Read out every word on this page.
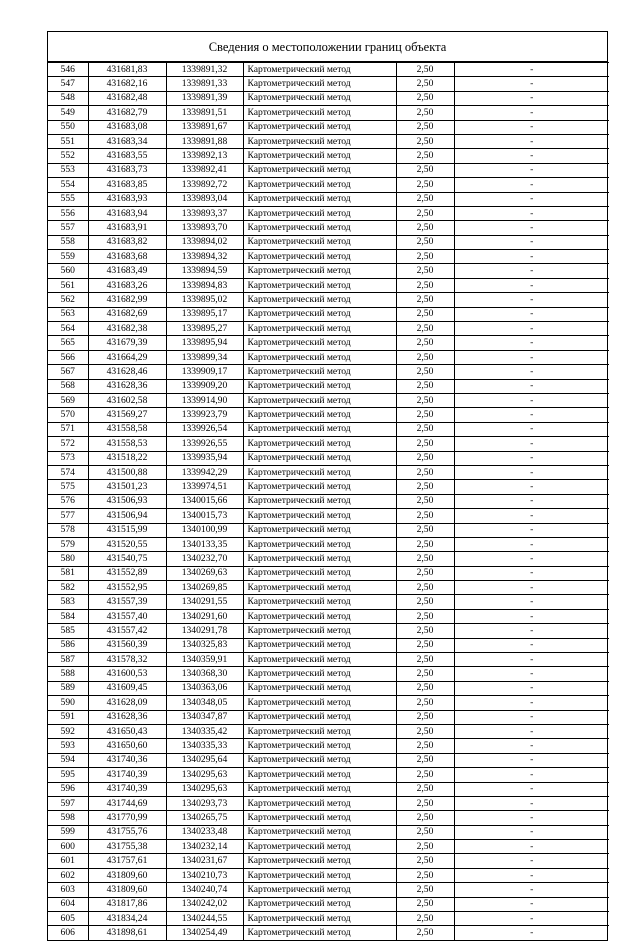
Сведения о местоположении границ объекта
546	431681,83	1339891,32	Картометрический метод	2,50	-
547	431682,16	1339891,33	Картометрический метод	2,50	-
548	431682,48	1339891,39	Картометрический метод	2,50	-
549	431682,79	1339891,51	Картометрический метод	2,50	-
550	431683,08	1339891,67	Картометрический метод	2,50	-
551	431683,34	1339891,88	Картометрический метод	2,50	-
552	431683,55	1339892,13	Картометрический метод	2,50	-
553	431683,73	1339892,41	Картометрический метод	2,50	-
554	431683,85	1339892,72	Картометрический метод	2,50	-
555	431683,93	1339893,04	Картометрический метод	2,50	-
556	431683,94	1339893,37	Картометрический метод	2,50	-
557	431683,91	1339893,70	Картометрический метод	2,50	-
558	431683,82	1339894,02	Картометрический метод	2,50	-
559	431683,68	1339894,32	Картометрический метод	2,50	-
560	431683,49	1339894,59	Картометрический метод	2,50	-
561	431683,26	1339894,83	Картометрический метод	2,50	-
562	431682,99	1339895,02	Картометрический метод	2,50	-
563	431682,69	1339895,17	Картометрический метод	2,50	-
564	431682,38	1339895,27	Картометрический метод	2,50	-
565	431679,39	1339895,94	Картометрический метод	2,50	-
566	431664,29	1339899,34	Картометрический метод	2,50	-
567	431628,46	1339909,17	Картометрический метод	2,50	-
568	431628,36	1339909,20	Картометрический метод	2,50	-
569	431602,58	1339914,90	Картометрический метод	2,50	-
570	431569,27	1339923,79	Картометрический метод	2,50	-
571	431558,58	1339926,54	Картометрический метод	2,50	-
572	431558,53	1339926,55	Картометрический метод	2,50	-
573	431518,22	1339935,94	Картометрический метод	2,50	-
574	431500,88	1339942,29	Картометрический метод	2,50	-
575	431501,23	1339974,51	Картометрический метод	2,50	-
576	431506,93	1340015,66	Картометрический метод	2,50	-
577	431506,94	1340015,73	Картометрический метод	2,50	-
578	431515,99	1340100,99	Картометрический метод	2,50	-
579	431520,55	1340133,35	Картометрический метод	2,50	-
580	431540,75	1340232,70	Картометрический метод	2,50	-
581	431552,89	1340269,63	Картометрический метод	2,50	-
582	431552,95	1340269,85	Картометрический метод	2,50	-
583	431557,39	1340291,55	Картометрический метод	2,50	-
584	431557,40	1340291,60	Картометрический метод	2,50	-
585	431557,42	1340291,78	Картометрический метод	2,50	-
586	431560,39	1340325,83	Картометрический метод	2,50	-
587	431578,32	1340359,91	Картометрический метод	2,50	-
588	431600,53	1340368,30	Картометрический метод	2,50	-
589	431609,45	1340363,06	Картометрический метод	2,50	-
590	431628,09	1340348,05	Картометрический метод	2,50	-
591	431628,36	1340347,87	Картометрический метод	2,50	-
592	431650,43	1340335,42	Картометрический метод	2,50	-
593	431650,60	1340335,33	Картометрический метод	2,50	-
594	431740,36	1340295,64	Картометрический метод	2,50	-
595	431740,39	1340295,63	Картометрический метод	2,50	-
596	431740,39	1340295,63	Картометрический метод	2,50	-
597	431744,69	1340293,73	Картометрический метод	2,50	-
598	431770,99	1340265,75	Картометрический метод	2,50	-
599	431755,76	1340233,48	Картометрический метод	2,50	-
600	431755,38	1340232,14	Картометрический метод	2,50	-
601	431757,61	1340231,67	Картометрический метод	2,50	-
602	431809,60	1340210,73	Картометрический метод	2,50	-
603	431809,60	1340240,74	Картометрический метод	2,50	-
604	431817,86	1340242,02	Картометрический метод	2,50	-
605	431834,24	1340244,55	Картометрический метод	2,50	-
606	431898,61	1340254,49	Картометрический метод	2,50	-
